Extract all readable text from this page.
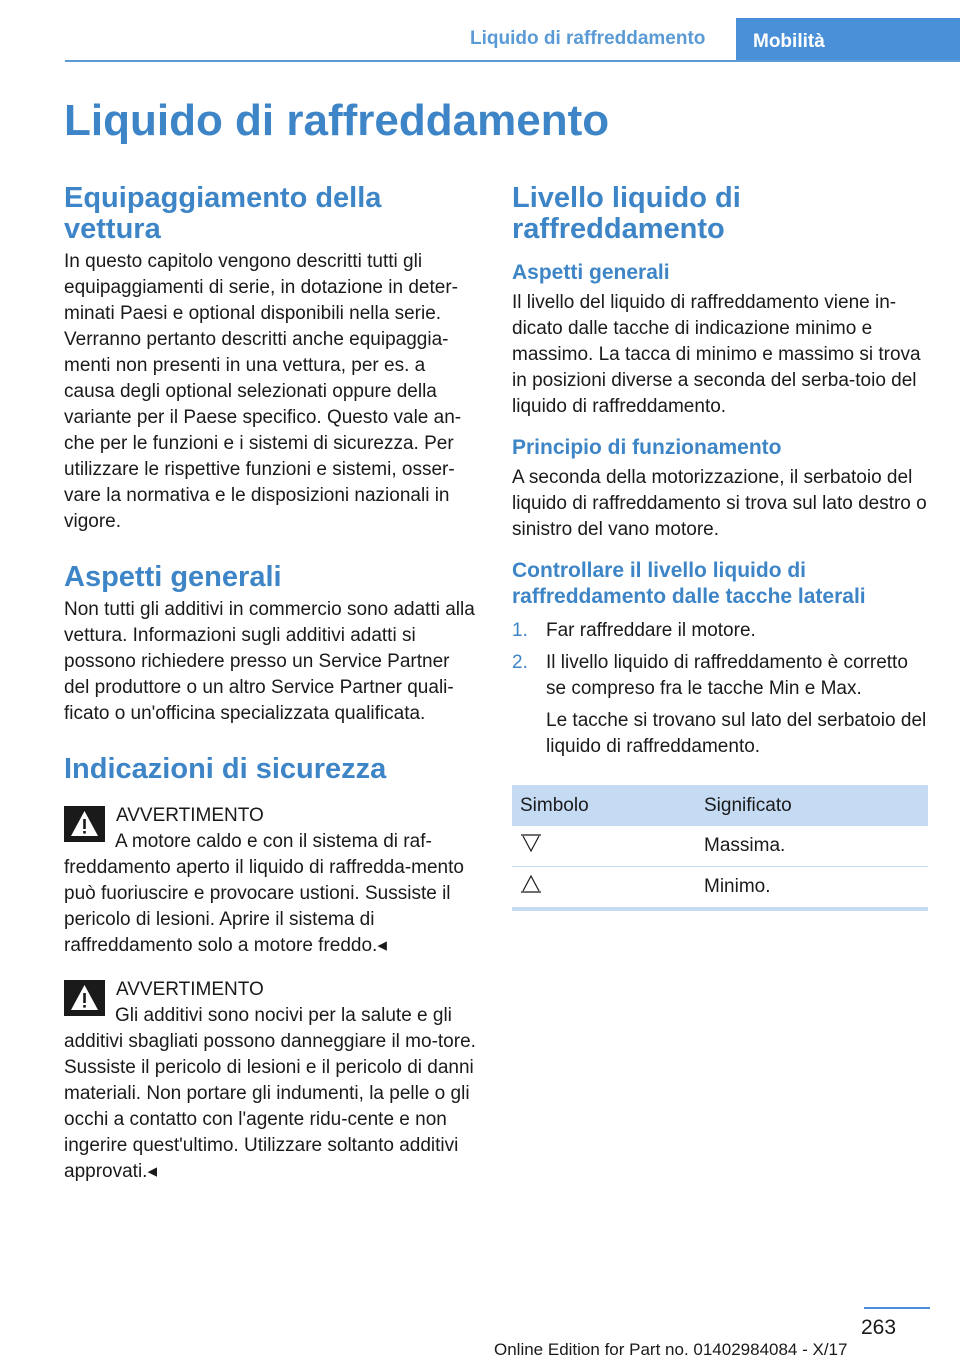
Liquido di raffreddamento	Mobilità
Liquido di raffreddamento
Equipaggiamento della vettura

In questo capitolo vengono descritti tutti gli equipaggiamenti di serie, in dotazione in deter-minati Paesi e optional disponibili nella serie. Verranno pertanto descritti anche equipaggia-menti non presenti in una vettura, per es. a causa degli optional selezionati oppure della variante per il Paese specifico. Questo vale an-che per le funzioni e i sistemi di sicurezza. Per utilizzare le rispettive funzioni e sistemi, osser-vare la normativa e le disposizioni nazionali in vigore.

Aspetti generali

Non tutti gli additivi in commercio sono adatti alla vettura. Informazioni sugli additivi adatti si possono richiedere presso un Service Partner del produttore o un altro Service Partner quali-ficato o un'officina specializzata qualificata.

Indicazioni di sicurezza
AVVERTIMENTO

A motore caldo e con il sistema di raf-freddamento aperto il liquido di raffredda-mento può fuoriuscire e provocare ustioni. Sussiste il pericolo di lesioni. Aprire il sistema di raffreddamento solo a motore freddo.◂

AVVERTIMENTO

Gli additivi sono nocivi per la salute e gli additivi sbagliati possono danneggiare il mo-tore. Sussiste il pericolo di lesioni e il pericolo di danni materiali. Non portare gli indumenti, la pelle o gli occhi a contatto con l'agente ridu-cente e non ingerire quest'ultimo. Utilizzare soltanto additivi approvati.◂

Livello liquido di raffreddamento
Aspetti generali

Il livello del liquido di raffreddamento viene in-dicato dalle tacche di indicazione minimo e massimo. La tacca di minimo e massimo si trova in posizioni diverse a seconda del serba-toio del liquido di raffreddamento.

Principio di funzionamento

A seconda della motorizzazione, il serbatoio del liquido di raffreddamento si trova sul lato destro o sinistro del vano motore.

Controllare il livello liquido di raffreddamento dalle tacche laterali
1. Far raffreddare il motore.
2. Il livello liquido di raffreddamento è corretto se compreso fra le tacche Min e Max.
Le tacche si trovano sul lato del serbatoio del liquido di raffreddamento.
Simbolo	Significato
	Massima.
	Minimo.
263
Online Edition for Part no. 01402984084 - X/17
